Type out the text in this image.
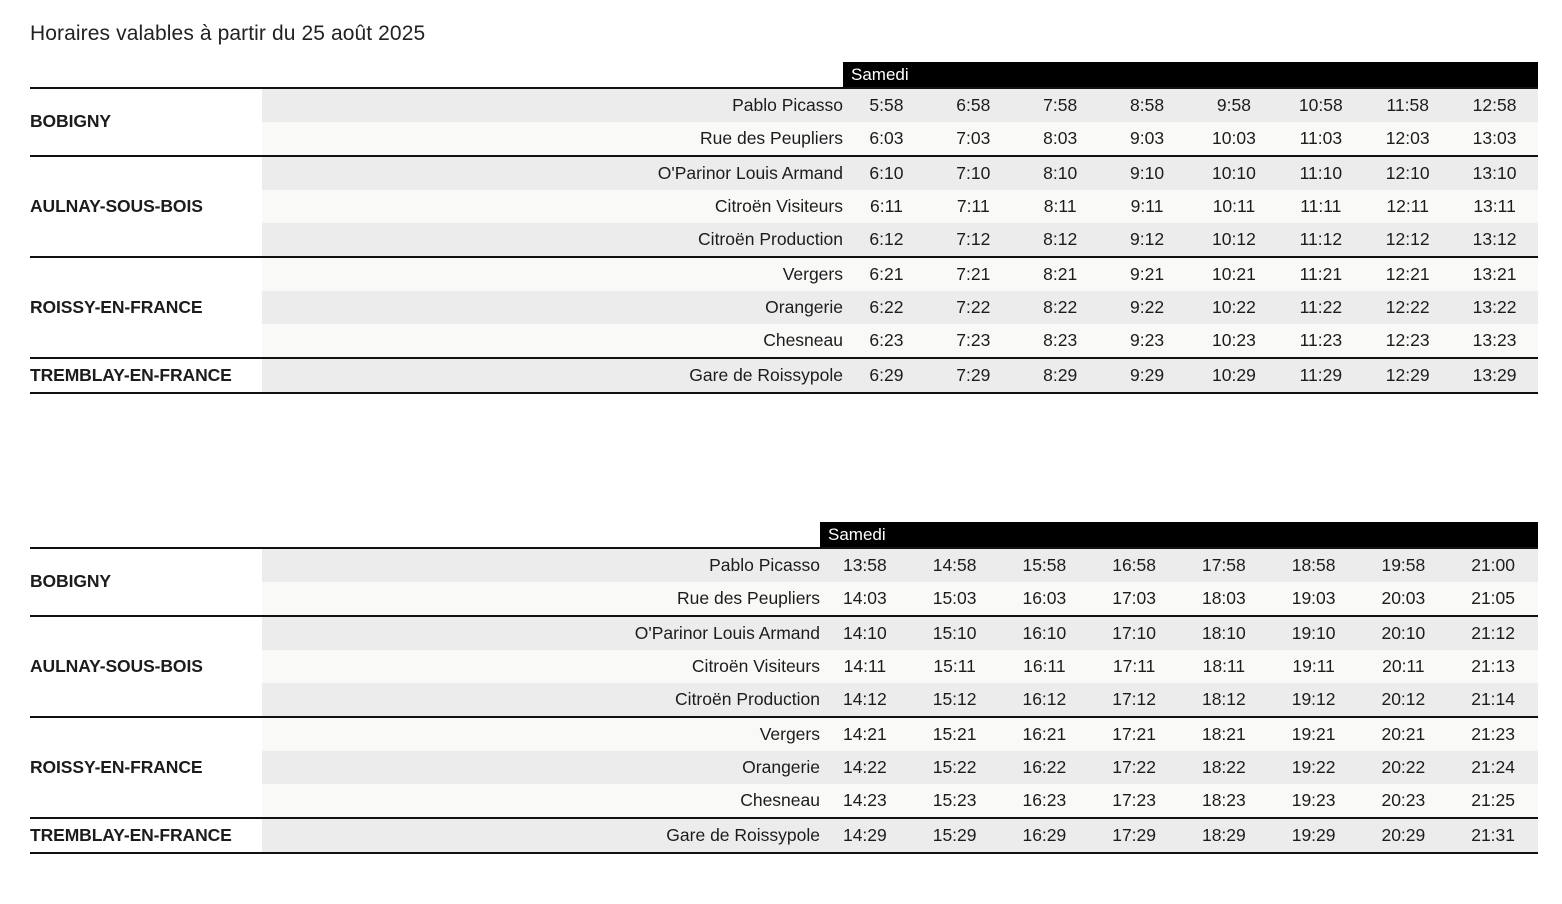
Horaires valables à partir du 25 août 2025
Samedi
BOBIGNY	Pablo Picasso	5:58	6:58	7:58	8:58	9:58	10:58	11:58	12:58
	Rue des Peupliers	6:03	7:03	8:03	9:03	10:03	11:03	12:03	13:03
AULNAY-SOUS-BOIS	O'Parinor Louis Armand	6:10	7:10	8:10	9:10	10:10	11:10	12:10	13:10
	Citroën Visiteurs	6:11	7:11	8:11	9:11	10:11	11:11	12:11	13:11
	Citroën Production	6:12	7:12	8:12	9:12	10:12	11:12	12:12	13:12
ROISSY-EN-FRANCE	Vergers	6:21	7:21	8:21	9:21	10:21	11:21	12:21	13:21
	Orangerie	6:22	7:22	8:22	9:22	10:22	11:22	12:22	13:22
	Chesneau	6:23	7:23	8:23	9:23	10:23	11:23	12:23	13:23
TREMBLAY-EN-FRANCE	Gare de Roissypole	6:29	7:29	8:29	9:29	10:29	11:29	12:29	13:29
Samedi
BOBIGNY	Pablo Picasso	13:58	14:58	15:58	16:58	17:58	18:58	19:58	21:00
	Rue des Peupliers	14:03	15:03	16:03	17:03	18:03	19:03	20:03	21:05
AULNAY-SOUS-BOIS	O'Parinor Louis Armand	14:10	15:10	16:10	17:10	18:10	19:10	20:10	21:12
	Citroën Visiteurs	14:11	15:11	16:11	17:11	18:11	19:11	20:11	21:13
	Citroën Production	14:12	15:12	16:12	17:12	18:12	19:12	20:12	21:14
ROISSY-EN-FRANCE	Vergers	14:21	15:21	16:21	17:21	18:21	19:21	20:21	21:23
	Orangerie	14:22	15:22	16:22	17:22	18:22	19:22	20:22	21:24
	Chesneau	14:23	15:23	16:23	17:23	18:23	19:23	20:23	21:25
TREMBLAY-EN-FRANCE	Gare de Roissypole	14:29	15:29	16:29	17:29	18:29	19:29	20:29	21:31
